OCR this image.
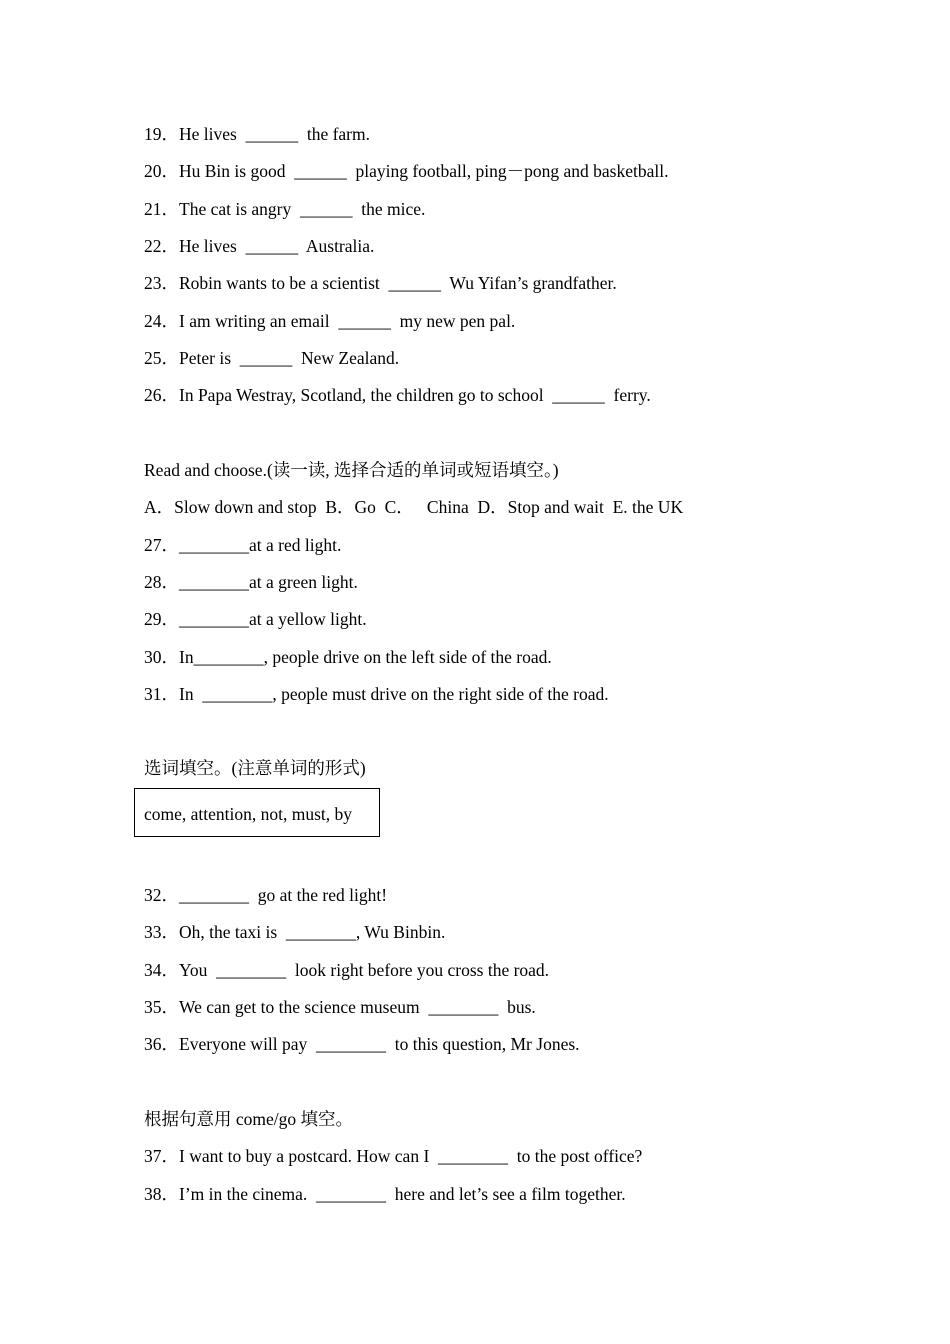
19．He lives  ______  the farm.
20．Hu Bin is good  ______  playing football, ping－pong and basketball.
21．The cat is angry  ______  the mice.
22．He lives  ______  Australia.
23．Robin wants to be a scientist  ______  Wu Yifan’s grandfather.
24．I am writing an email  ______  my new pen pal.
25．Peter is  ______  New Zealand.
26．In Papa Westray, Scotland, the children go to school  ______  ferry.
Read and choose.(读一读, 选择合适的单词或短语填空。)
A．Slow down and stop  B．Go  C．   China  D．Stop and wait  E. the UK
27．________at a red light.
28．________at a green light.
29．________at a yellow light.
30．In________, people drive on the left side of the road.
31．In  ________, people must drive on the right side of the road.
选词填空。(注意单词的形式)
come, attention, not, must, by
32．________  go at the red light!
33．Oh, the taxi is  ________, Wu Binbin.
34．You  ________  look right before you cross the road.
35．We can get to the science museum  ________  bus.
36．Everyone will pay  ________  to this question, Mr Jones.
根据句意用 come/go 填空。
37．I want to buy a postcard. How can I  ________  to the post office?
38．I’m in the cinema.  ________  here and let’s see a film together.
